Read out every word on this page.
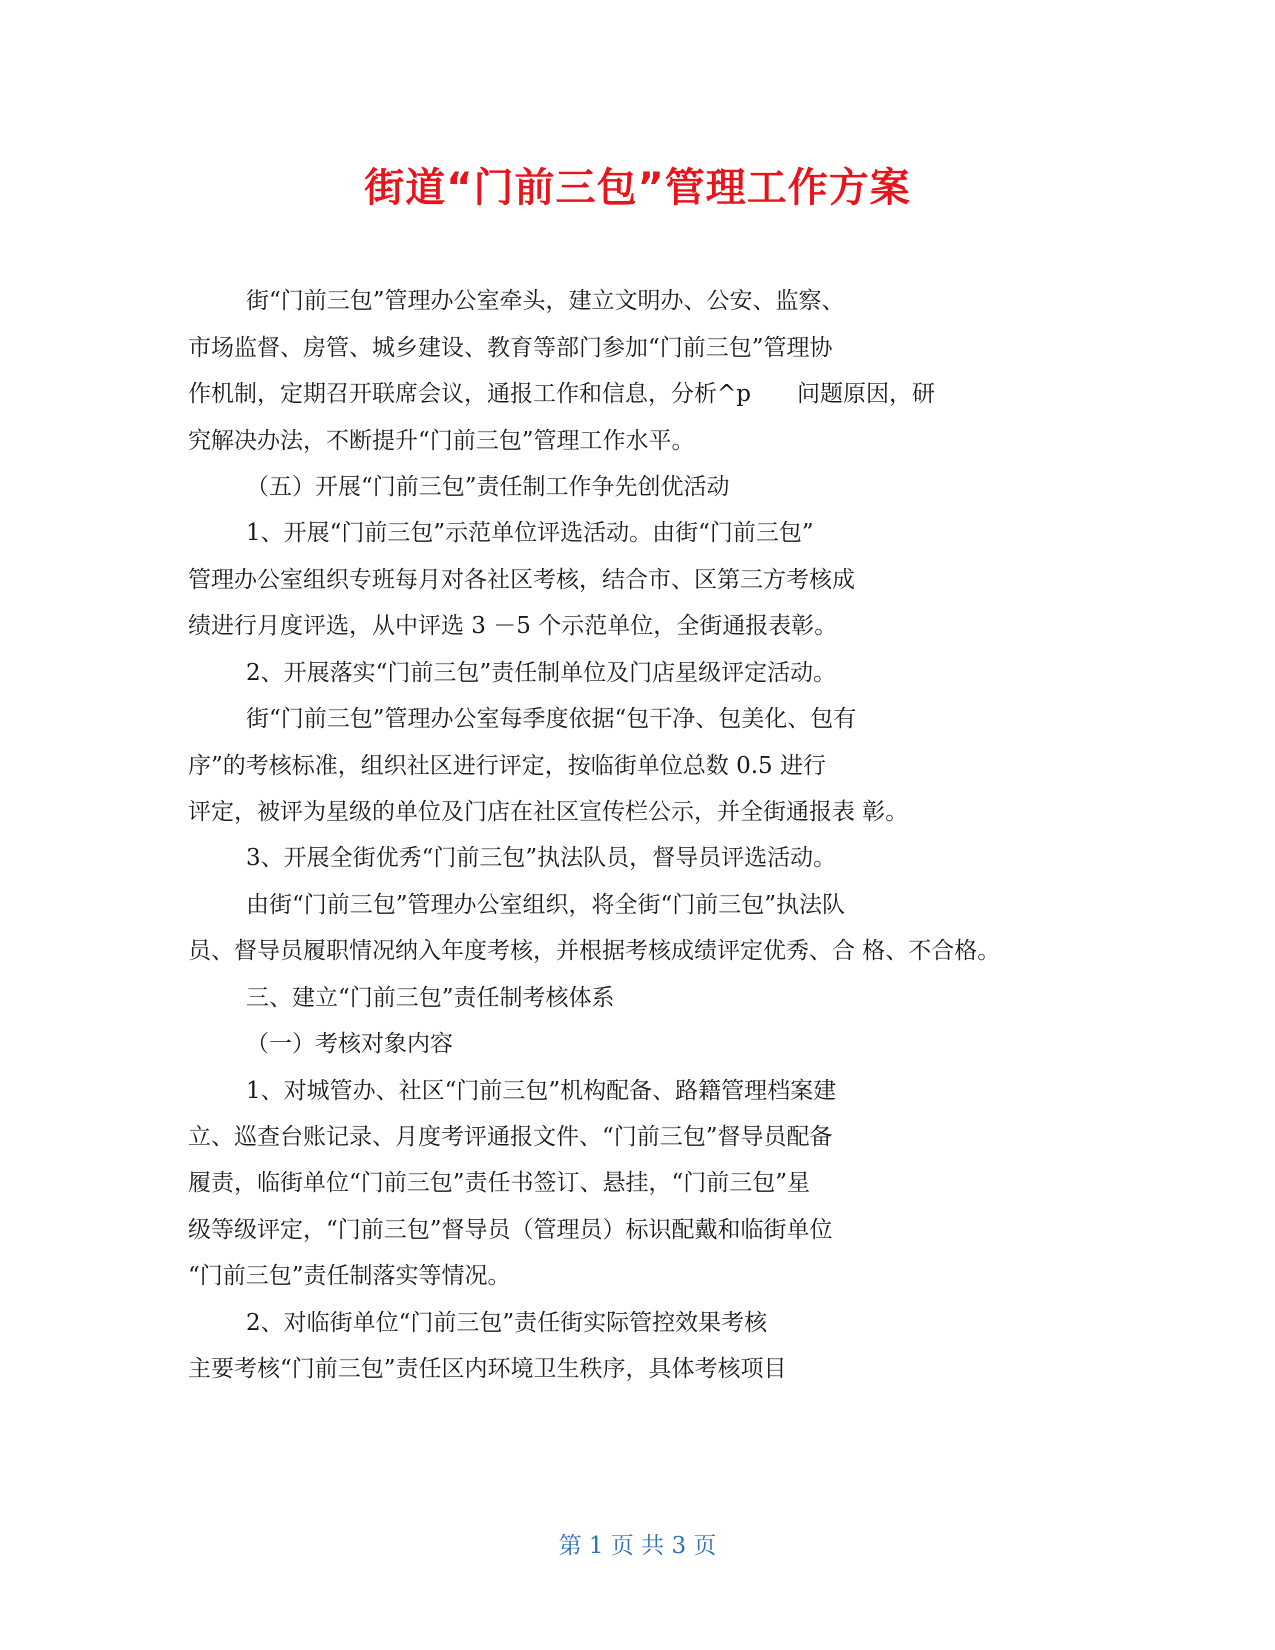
街道“门前三包”管理工作方案
街“门前三包”管理办公室牵头，建立文明办、公安、监察、
市场监督、房管、城乡建设、教育等部门参加“门前三包”管理协
作机制，定期召开联席会议，通报工作和信息，分析^p　　问题原因，研
究解决办法，不断提升“门前三包”管理工作水平。
（五）开展“门前三包”责任制工作争先创优活动
1、开展“门前三包”示范单位评选活动。由街“门前三包”
管理办公室组织专班每月对各社区考核，结合市、区第三方考核成
绩进行月度评选，从中评选 3 －5 个示范单位，全街通报表彰。
2、开展落实“门前三包”责任制单位及门店星级评定活动。
街“门前三包”管理办公室每季度依据“包干净、包美化、包有
序”的考核标准，组织社区进行评定，按临街单位总数 0.5 进行
评定，被评为星级的单位及门店在社区宣传栏公示，并全街通报表 彰。
3、开展全街优秀“门前三包”执法队员，督导员评选活动。
由街“门前三包”管理办公室组织，将全街“门前三包”执法队
员、督导员履职情况纳入年度考核，并根据考核成绩评定优秀、合 格、不合格。
三、建立“门前三包”责任制考核体系
（一）考核对象内容
1、对城管办、社区“门前三包”机构配备、路籍管理档案建
立、巡查台账记录、月度考评通报文件、“门前三包”督导员配备
履责，临街单位“门前三包”责任书签订、悬挂，“门前三包”星
级等级评定，“门前三包”督导员（管理员）标识配戴和临街单位
“门前三包”责任制落实等情况。
2、对临街单位“门前三包”责任街实际管控效果考核
主要考核“门前三包”责任区内环境卫生秩序，具体考核项目
第 1 页 共 3 页
